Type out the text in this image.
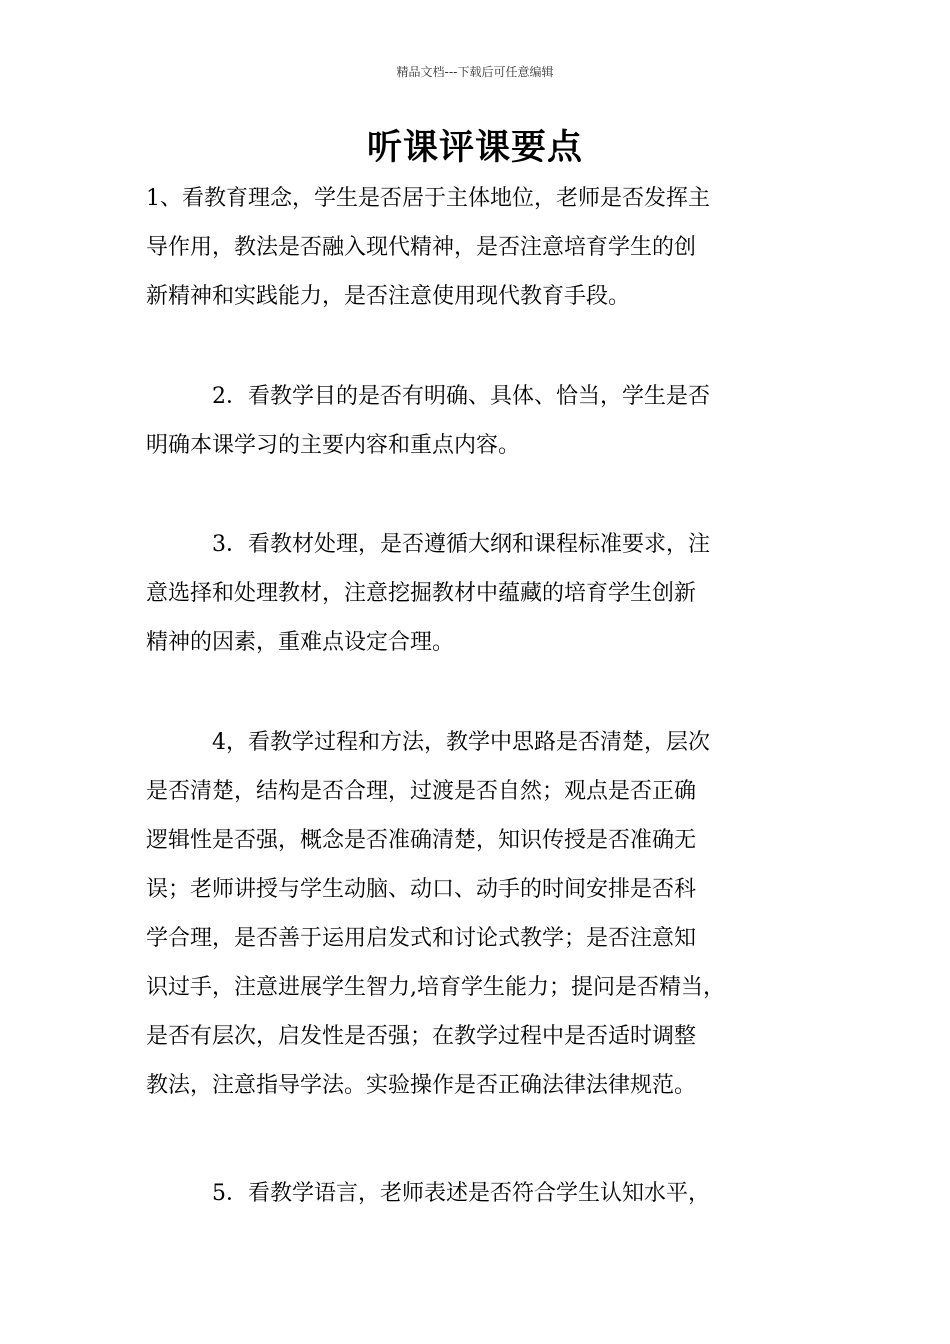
精品文档---下载后可任意编辑
听课评课要点
1、看教育理念，学生是否居于主体地位，老师是否发挥主
导作用，教法是否融入现代精神，是否注意培育学生的创
新精神和实践能力，是否注意使用现代教育手段。
　　　2．看教学目的是否有明确、具体、恰当，学生是否
明确本课学习的主要内容和重点内容。
　　　3．看教材处理，是否遵循大纲和课程标准要求，注
意选择和处理教材，注意挖掘教材中蕴藏的培育学生创新
精神的因素，重难点设定合理。
　　　4，看教学过程和方法，教学中思路是否清楚，层次
是否清楚，结构是否合理，过渡是否自然；观点是否正确
逻辑性是否强，概念是否准确清楚，知识传授是否准确无
误；老师讲授与学生动脑、动口、动手的时间安排是否科
学合理，是否善于运用启发式和讨论式教学；是否注意知
识过手，注意进展学生智力,培育学生能力；提问是否精当，
是否有层次，启发性是否强；在教学过程中是否适时调整
教法，注意指导学法。实验操作是否正确法律法律规范。
　　　5．看教学语言，老师表述是否符合学生认知水平，
